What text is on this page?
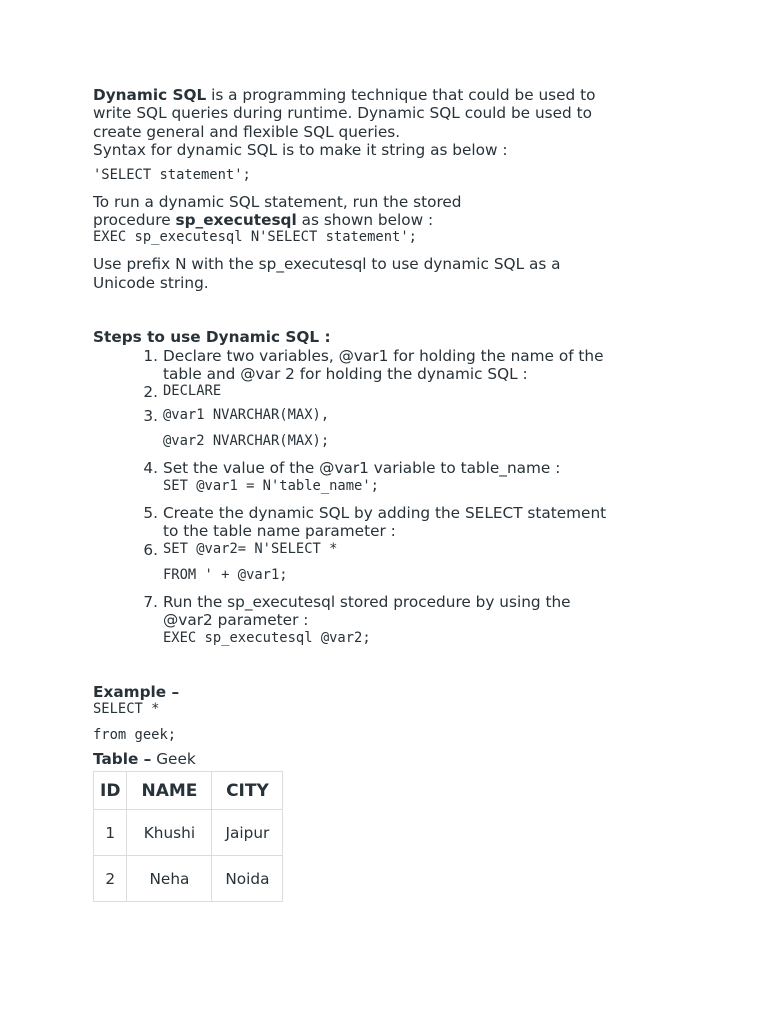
Dynamic SQL is a programming technique that could be used to
write SQL queries during runtime. Dynamic SQL could be used to
create general and flexible SQL queries.
Syntax for dynamic SQL is to make it string as below :

'SELECT statement';

To run a dynamic SQL statement, run the stored
procedure sp_executesql as shown below :

EXEC sp_executesql N'SELECT statement';

Use prefix N with the sp_executesql to use dynamic SQL as a
Unicode string.

Steps to use Dynamic SQL :

1. Declare two variables, @var1 for holding the name of the
table and @var 2 for holding the dynamic SQL :
2. DECLARE

3. @var1 NVARCHAR(MAX),

@var2 NVARCHAR(MAX);

4. Set the value of the @var1 variable to table_name :

SET @var1 = N'table_name';

5. Create the dynamic SQL by adding the SELECT statement
to the table name parameter :
6. SET @var2= N'SELECT *

FROM ' + @var1;

7. Run the sp_executesql stored procedure by using the
@var2 parameter :

EXEC sp_executesql @var2;

Example –

SELECT *

from geek;

Table – Geek

ID	NAME	CITY
1	Khushi	Jaipur
2	Neha	Noida
